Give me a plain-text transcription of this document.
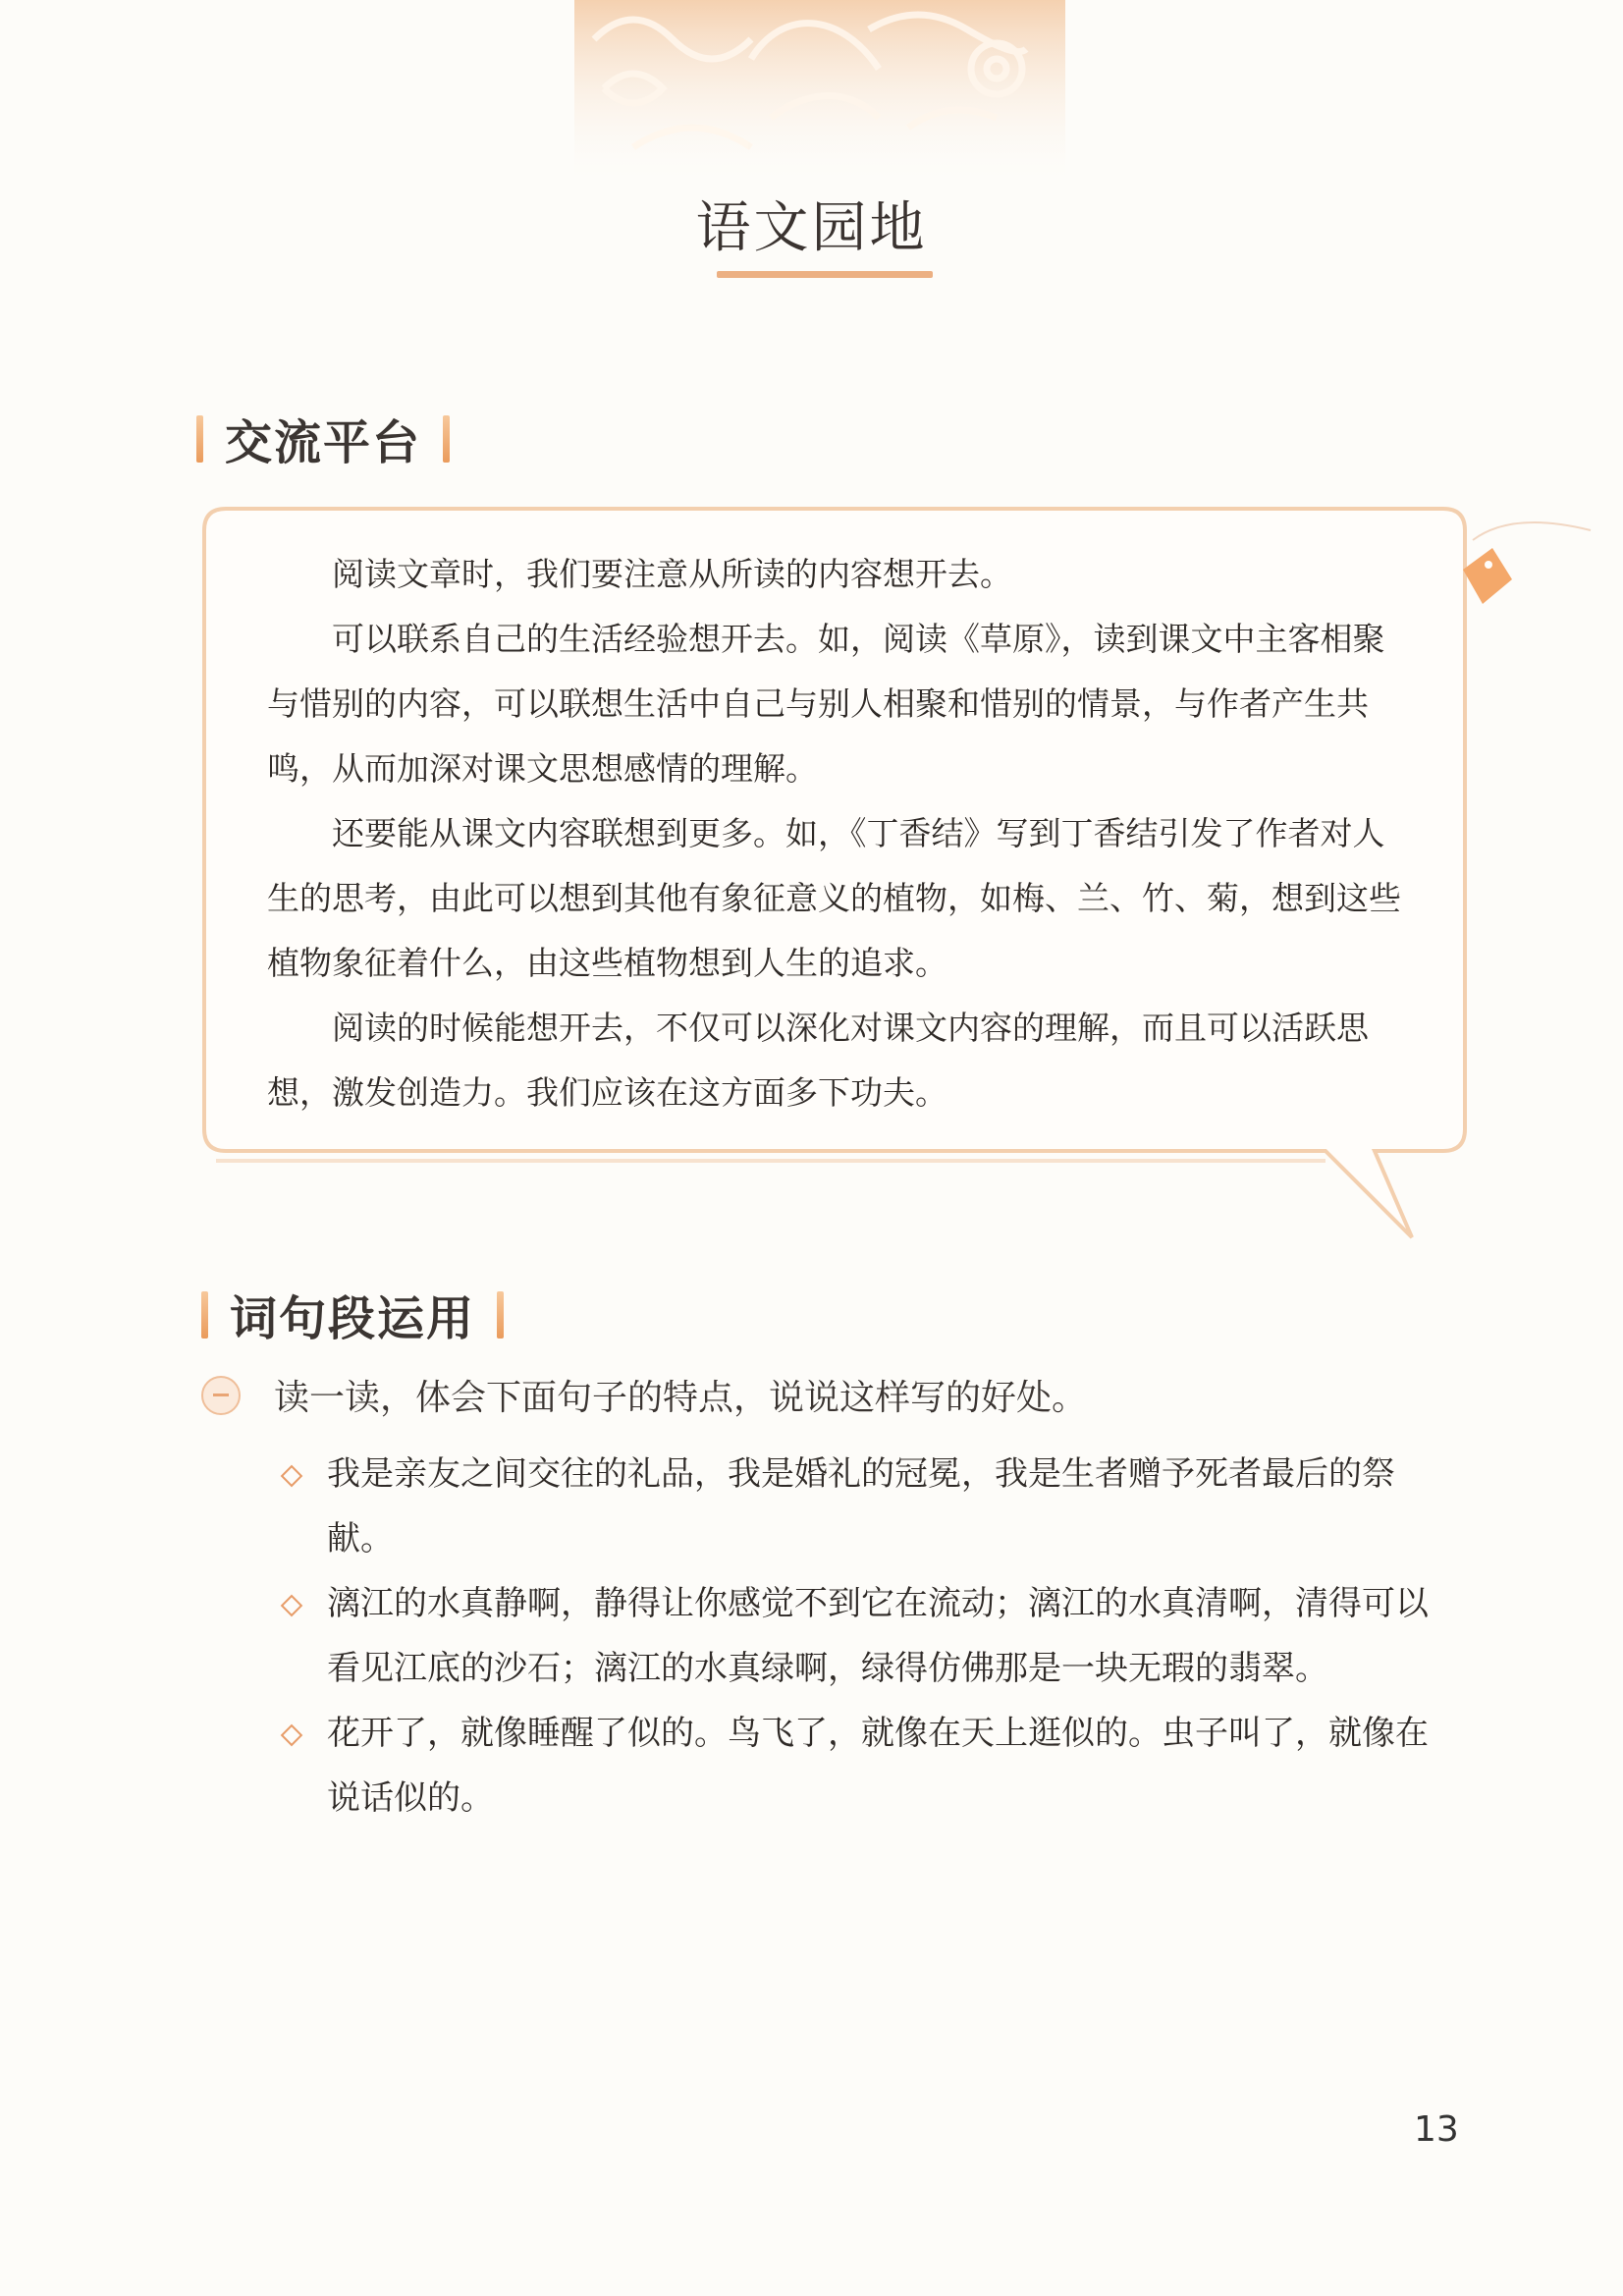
语文园地
交流平台

阅读文章时，我们要注意从所读的内容想开去。

可以联系自己的生活经验想开去。如，阅读《草原》，读到课文中主客相聚与惜别的内容，可以联想生活中自己与别人相聚和惜别的情景，与作者产生共鸣，从而加深对课文思想感情的理解。

还要能从课文内容联想到更多。如，《丁香结》写到丁香结引发了作者对人生的思考，由此可以想到其他有象征意义的植物，如梅、兰、竹、菊，想到这些植物象征着什么，由这些植物想到人生的追求。

阅读的时候能想开去，不仅可以深化对课文内容的理解，而且可以活跃思想，激发创造力。我们应该在这方面多下功夫。

词句段运用
读一读，体会下面句子的特点，说说这样写的好处。
我是亲友之间交往的礼品，我是婚礼的冠冕，我是生者赠予死者最后的祭献。
漓江的水真静啊，静得让你感觉不到它在流动；漓江的水真清啊，清得可以看见江底的沙石；漓江的水真绿啊，绿得仿佛那是一块无瑕的翡翠。
花开了，就像睡醒了似的。鸟飞了，就像在天上逛似的。虫子叫了，就像在说话似的。
13
